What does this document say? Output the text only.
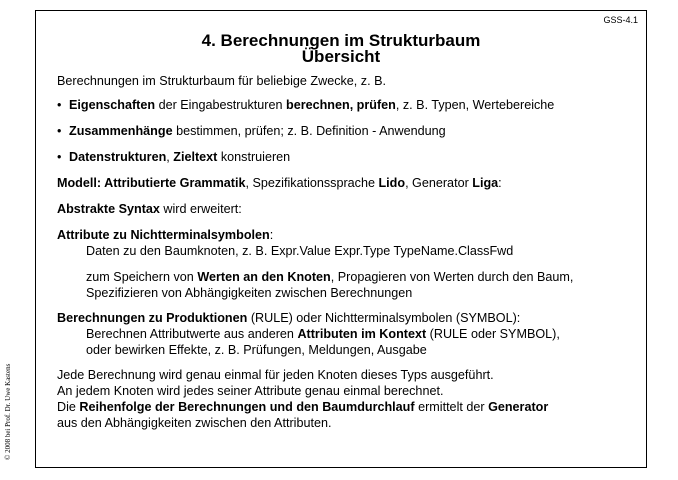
© 2008 bei Prof. Dr. Uwe Kastens
GSS-4.1
4. Berechnungen im Strukturbaum
Übersicht

Berechnungen im Strukturbaum für beliebige Zwecke, z. B.

• Eigenschaften der Eingabestrukturen berechnen, prüfen, z. B. Typen, Wertebereiche
• Zusammenhänge bestimmen, prüfen; z. B. Definition - Anwendung
• Datenstrukturen, Zieltext konstruieren

Modell: Attributierte Grammatik, Spezifikationssprache Lido, Generator Liga:

Abstrakte Syntax wird erweitert:

Attribute zu Nichtterminalsymbolen:

Daten zu den Baumknoten, z. B. Expr.Value Expr.Type TypeName.ClassFwd

zum Speichern von Werten an den Knoten, Propagieren von Werten durch den Baum,

Spezifizieren von Abhängigkeiten zwischen Berechnungen

Berechnungen zu Produktionen (RULE) oder Nichtterminalsymbolen (SYMBOL):

Berechnen Attributwerte aus anderen Attributen im Kontext (RULE oder SYMBOL),

oder bewirken Effekte, z. B. Prüfungen, Meldungen, Ausgabe

Jede Berechnung wird genau einmal für jeden Knoten dieses Typs ausgeführt.

An jedem Knoten wird jedes seiner Attribute genau einmal berechnet.

Die Reihenfolge der Berechnungen und den Baumdurchlauf ermittelt der Generator

aus den Abhängigkeiten zwischen den Attributen.
